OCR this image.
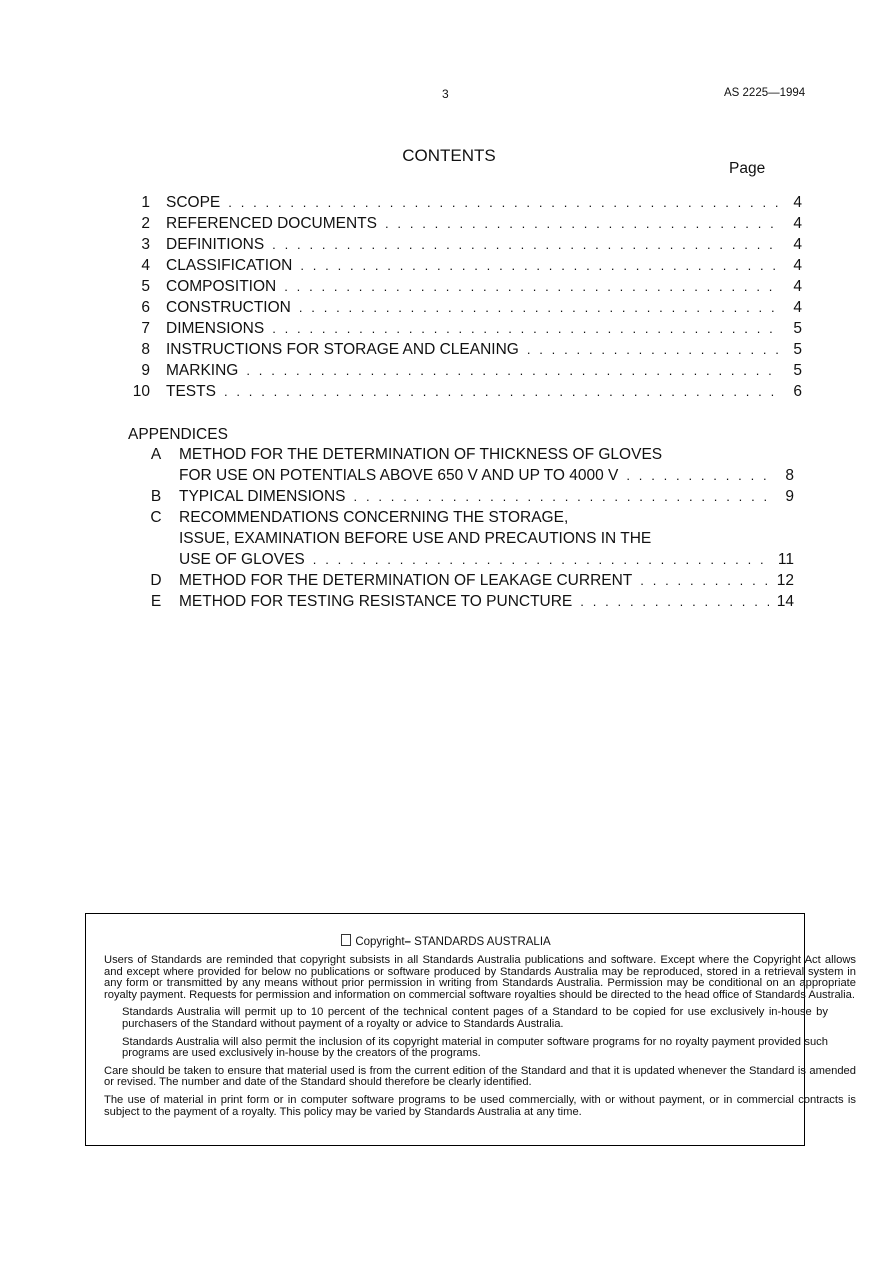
3	AS 2225—1994
CONTENTS
Page
1 SCOPE . . .	4
2 REFERENCED DOCUMENTS . . .	4
3 DEFINITIONS . . .	4
4 CLASSIFICATION . . .	4
5 COMPOSITION . . .	4
6 CONSTRUCTION . . .	4
7 DIMENSIONS . . .	5
8 INSTRUCTIONS FOR STORAGE AND CLEANING . . .	5
9 MARKING . . .	5
10 TESTS . . .	6
APPENDICES
A	METHOD FOR THE DETERMINATION OF THICKNESS OF GLOVES
FOR USE ON POTENTIALS ABOVE 650 V AND UP TO 4000 V . . .	8
B	TYPICAL DIMENSIONS . . .	9
C RECOMMENDATIONS CONCERNING THE STORAGE,
ISSUE, EXAMINATION BEFORE USE AND PRECAUTIONS IN THE
USE OF GLOVES . . .	11
D METHOD FOR THE DETERMINATION OF LEAKAGE CURRENT . . .	12
E	METHOD FOR TESTING RESISTANCE TO PUNCTURE . . .	14
Copyright– STANDARDS AUSTRALIA

Users of Standards are reminded that copyright subsists in all Standards Australia publications and software. Except where the Copyright Act allows and except where provided for below no publications or software produced by Standards Australia may be reproduced, stored in a retrieval system in any form or transmitted by any means without prior permission in writing from Standards Australia. Permission may be conditional on an appropriate royalty payment. Requests for permission and information on commercial software royalties should be directed to the head office of Standards Australia.

Standards Australia will permit up to 10 percent of the technical content pages of a Standard to be copied for use exclusively in-house by purchasers of the Standard without payment of a royalty or advice to Standards Australia.

Standards Australia will also permit the inclusion of its copyright material in computer software programs for no royalty payment provided such programs are used exclusively in-house by the creators of the programs.

Care should be taken to ensure that material used is from the current edition of the Standard and that it is updated whenever the Standard is amended or revised. The number and date of the Standard should therefore be clearly identified.

The use of material in print form or in computer software programs to be used commercially, with or without payment, or in commercial contracts is subject to the payment of a royalty. This policy may be varied by Standards Australia at any time.
